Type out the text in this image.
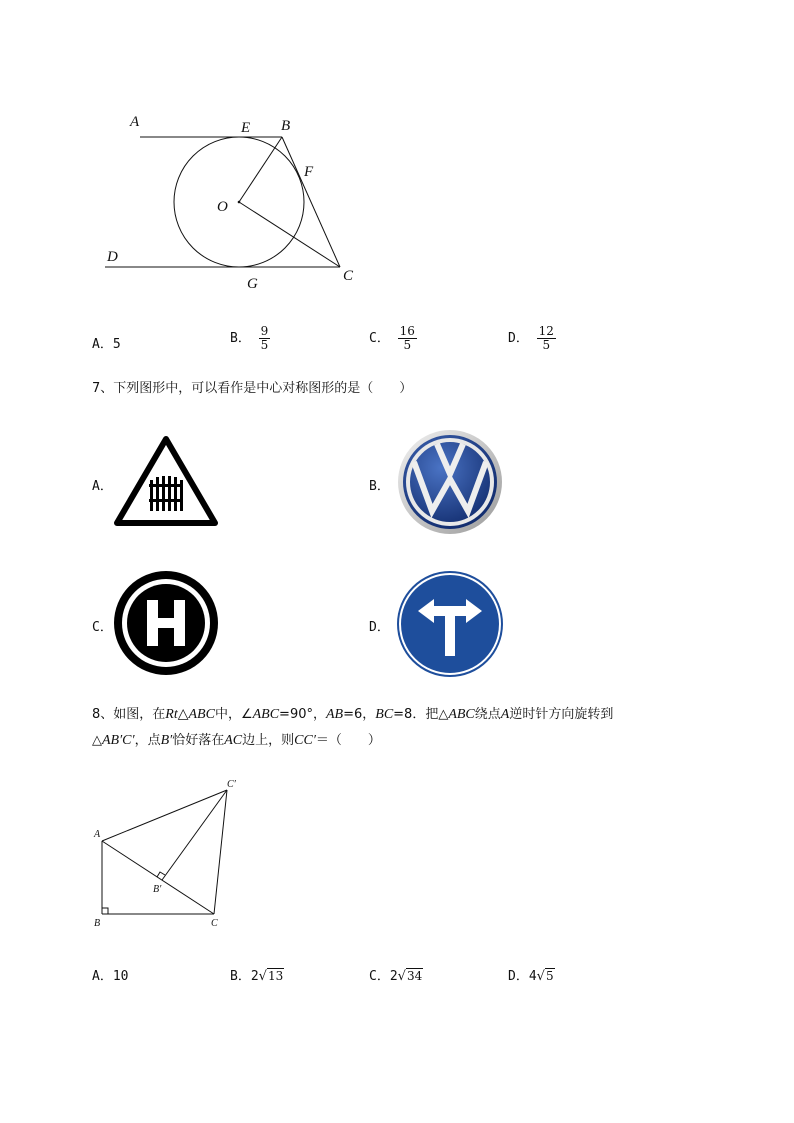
A	E B
F
O
D
G	C
A．5	B． $\frac{9}{5}$	C． $\frac{16}{5}$	D． $\frac{12}{5}$
7、下列图形中，可以看作是中心对称图形的是（　　）
A．	B．
C．	D．
8、如图，在Rt△ABC中，∠ABC=90°，AB=6，BC=8．把△ABC绕点A逆时针方向旋转到
△AB′C′，点B′恰好落在AC边上，则CC′＝（　　）
A
B	C
B′
C′
A．10	B．2√13	C．2√34	D．4√5
